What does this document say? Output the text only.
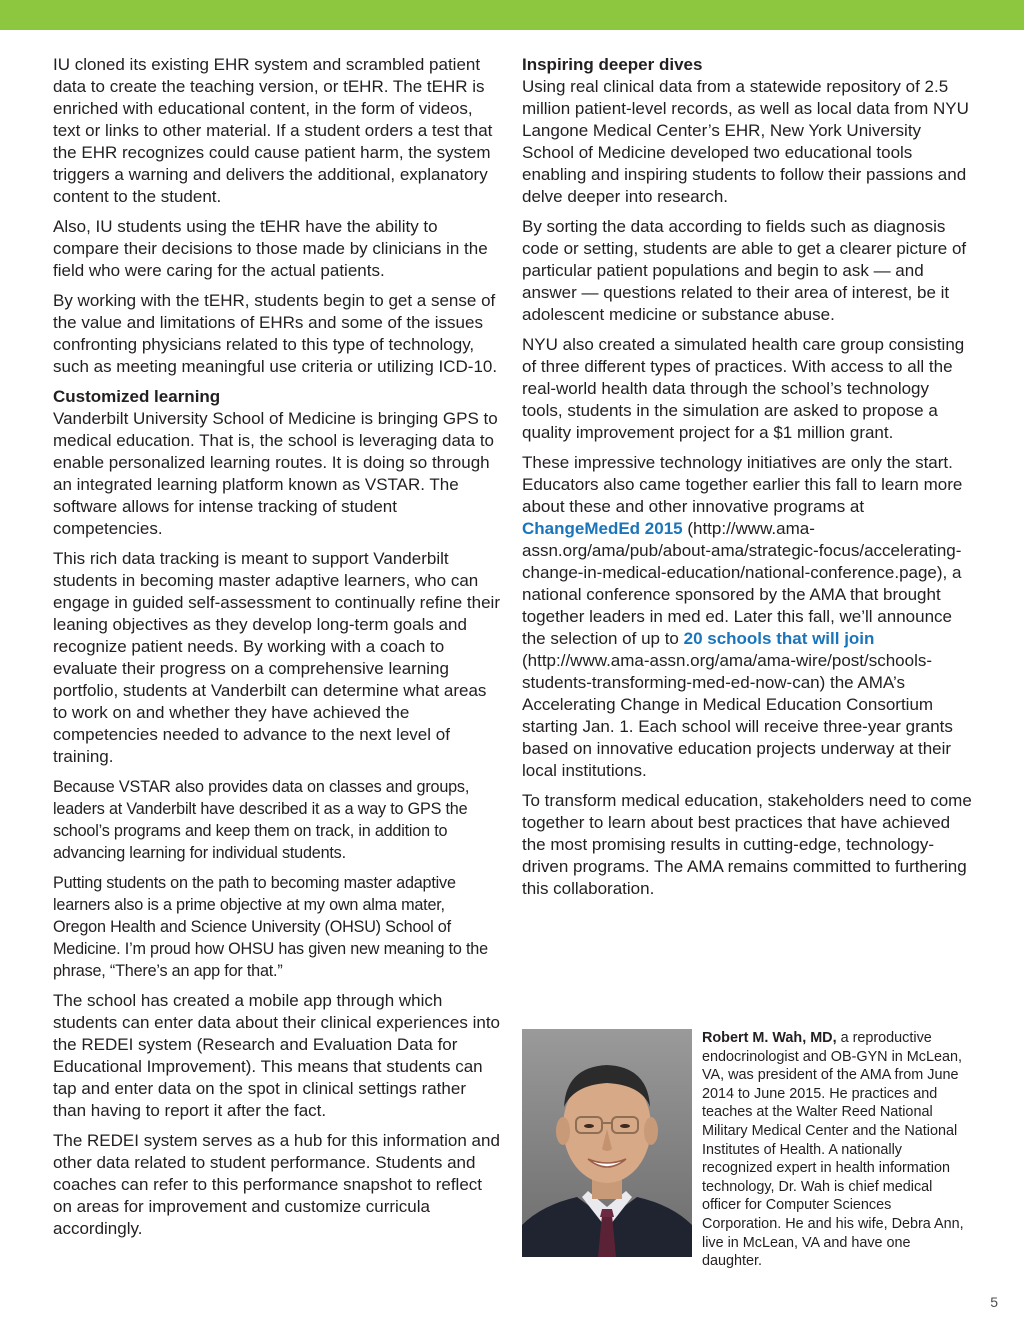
IU cloned its existing EHR system and scrambled patient data to create the teaching version, or tEHR. The tEHR is enriched with educational content, in the form of videos, text or links to other material. If a student orders a test that the EHR recognizes could cause patient harm, the system triggers a warning and delivers the additional, explanatory content to the student.

Also, IU students using the tEHR have the ability to compare their decisions to those made by clinicians in the field who were caring for the actual patients.

By working with the tEHR, students begin to get a sense of the value and limitations of EHRs and some of the issues confronting physicians related to this type of technology, such as meeting meaningful use criteria or utilizing ICD-10.

Customized learning
Vanderbilt University School of Medicine is bringing GPS to medical education. That is, the school is leveraging data to enable personalized learning routes. It is doing so through an integrated learning platform known as VSTAR. The software allows for intense tracking of student competencies.

This rich data tracking is meant to support Vanderbilt students in becoming master adaptive learners, who can engage in guided self-assessment to continually refine their leaning objectives as they develop long-term goals and recognize patient needs. By working with a coach to evaluate their progress on a comprehensive learning portfolio, students at Vanderbilt can determine what areas to work on and whether they have achieved the competencies needed to advance to the next level of training.

Because VSTAR also provides data on classes and groups, leaders at Vanderbilt have described it as a way to GPS the school’s programs and keep them on track, in addition to advancing learning for individual students.

Putting students on the path to becoming master adaptive learners also is a prime objective at my own alma mater, Oregon Health and Science University (OHSU) School of Medicine. I’m proud how OHSU has given new meaning to the phrase, “There’s an app for that.”

The school has created a mobile app through which students can enter data about their clinical experiences into the REDEI system (Research and Evaluation Data for Educational Improvement). This means that students can tap and enter data on the spot in clinical settings rather than having to report it after the fact.

The REDEI system serves as a hub for this information and other data related to student performance. Students and coaches can refer to this performance snapshot to reflect on areas for improvement and customize curricula accordingly.

Inspiring deeper dives
Using real clinical data from a statewide repository of 2.5 million patient-level records, as well as local data from NYU Langone Medical Center’s EHR, New York University School of Medicine developed two educational tools enabling and inspiring students to follow their passions and delve deeper into research.

By sorting the data according to fields such as diagnosis code or setting, students are able to get a clearer picture of particular patient populations and begin to ask — and answer — questions related to their area of interest, be it adolescent medicine or substance abuse.

NYU also created a simulated health care group consisting of three different types of practices. With access to all the real-world health data through the school’s technology tools, students in the simulation are asked to propose a quality improvement project for a $1 million grant.

These impressive technology initiatives are only the start. Educators also came together earlier this fall to learn more about these and other innovative programs at ChangeMedEd 2015 (http://www.ama-assn.org/ama/pub/about-ama/strategic-focus/accelerating-change-in-medical-education/national-conference.page), a national conference sponsored by the AMA that brought together leaders in med ed. Later this fall, we’ll announce the selection of up to 20 schools that will join (http://www.ama-assn.org/ama/ama-wire/post/schools-students-transforming-med-ed-now-can) the AMA’s Accelerating Change in Medical Education Consortium starting Jan. 1. Each school will receive three-year grants based on innovative education projects underway at their local institutions.

To transform medical education, stakeholders need to come together to learn about best practices that have achieved the most promising results in cutting-edge, technology-driven programs. The AMA remains committed to furthering this collaboration.

Robert M. Wah, MD, a reproductive endocrinologist and OB-GYN in McLean, VA, was president of the AMA from June 2014 to June 2015. He practices and teaches at the Walter Reed National Military Medical Center and the National Institutes of Health. A nationally recognized expert in health information technology, Dr. Wah is chief medical officer for Computer Sciences Corporation. He and his wife, Debra Ann, live in McLean, VA and have one daughter.

5
